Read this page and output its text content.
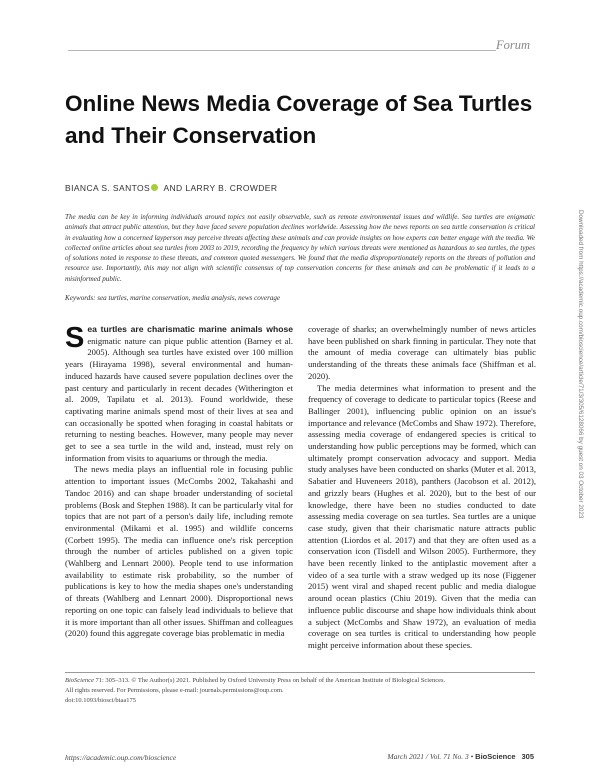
Forum
Online News Media Coverage of Sea Turtles and Their Conservation
BIANCA S. SANTOS AND LARRY B. CROWDER
The media can be key in informing individuals around topics not easily observable, such as remote environmental issues and wildlife. Sea turtles are enigmatic animals that attract public attention, but they have faced severe population declines worldwide. Assessing how the news reports on sea turtle conservation is critical in evaluating how a concerned layperson may perceive threats affecting these animals and can provide insights on how experts can better engage with the media. We collected online articles about sea turtles from 2003 to 2019, recording the frequency by which various threats were mentioned as hazardous to sea turtles, the types of solutions noted in response to these threats, and common quoted messengers. We found that the media disproportionately reports on the threats of pollution and resource use. Importantly, this may not align with scientific consensus of top conservation concerns for these animals and can be problematic if it leads to a misinformed public.
Keywords: sea turtles, marine conservation, media analysis, news coverage

Sea turtles are charismatic marine animals whose enigmatic nature can pique public attention (Barney et al. 2005). Although sea turtles have existed over 100 million years (Hirayama 1998), several environmental and human-induced hazards have caused severe population declines over the past century and particularly in recent decades (Witherington et al. 2009, Tapilatu et al. 2013). Found worldwide, these captivating marine animals spend most of their lives at sea and can occasionally be spotted when foraging in coastal habitats or returning to nesting beaches. However, many people may never get to see a sea turtle in the wild and, instead, must rely on information from visits to aquariums or through the media.

The news media plays an influential role in focusing public attention to important issues (McCombs 2002, Takahashi and Tandoc 2016) and can shape broader understanding of societal problems (Bosk and Stephen 1988). It can be particularly vital for topics that are not part of a person's daily life, including remote environmental (Mikami et al. 1995) and wildlife concerns (Corbett 1995). The media can influence one's risk perception through the number of articles published on a given topic (Wahlberg and Lennart 2000). People tend to use information availability to estimate risk probability, so the number of publications is key to how the media shapes one's understanding of threats (Wahlberg and Lennart 2000). Disproportional news reporting on one topic can falsely lead individuals to believe that it is more important than all other issues. Shiffman and colleagues (2020) found this aggregate coverage bias problematic in media

coverage of sharks; an overwhelmingly number of news articles have been published on shark finning in particular. They note that the amount of media coverage can ultimately bias public understanding of the threats these animals face (Shiffman et al. 2020).

The media determines what information to present and the frequency of coverage to dedicate to particular topics (Reese and Ballinger 2001), influencing public opinion on an issue's importance and relevance (McCombs and Shaw 1972). Therefore, assessing media coverage of endangered species is critical to understanding how public perceptions may be formed, which can ultimately prompt conservation advocacy and support. Media study analyses have been conducted on sharks (Muter et al. 2013, Sabatier and Huveneers 2018), panthers (Jacobson et al. 2012), and grizzly bears (Hughes et al. 2020), but to the best of our knowledge, there have been no studies conducted to date assessing media coverage on sea turtles. Sea turtles are a unique case study, given that their charismatic nature attracts public attention (Liordos et al. 2017) and that they are often used as a conservation icon (Tisdell and Wilson 2005). Furthermore, they have been recently linked to the antiplastic movement after a video of a sea turtle with a straw wedged up its nose (Figgener 2015) went viral and shaped recent public and media dialogue around ocean plastics (Chiu 2019). Given that the media can influence public discourse and shape how individuals think about a subject (McCombs and Shaw 1972), an evaluation of media coverage on sea turtles is critical to understanding how people might perceive information about these species.

BioScience 71: 305–313. © The Author(s) 2021. Published by Oxford University Press on behalf of the American Institute of Biological Sciences.
All rights reserved. For Permissions, please e-mail: journals.permissions@oup.com.
doi:10.1093/biosci/biaa175
https://academic.oup.com/bioscience	March 2021 / Vol. 71 No. 3 • BioScience 305
Downloaded from https://academic.oup.com/bioscience/article/71/3/305/6128066 by guest on 03 October 2023
